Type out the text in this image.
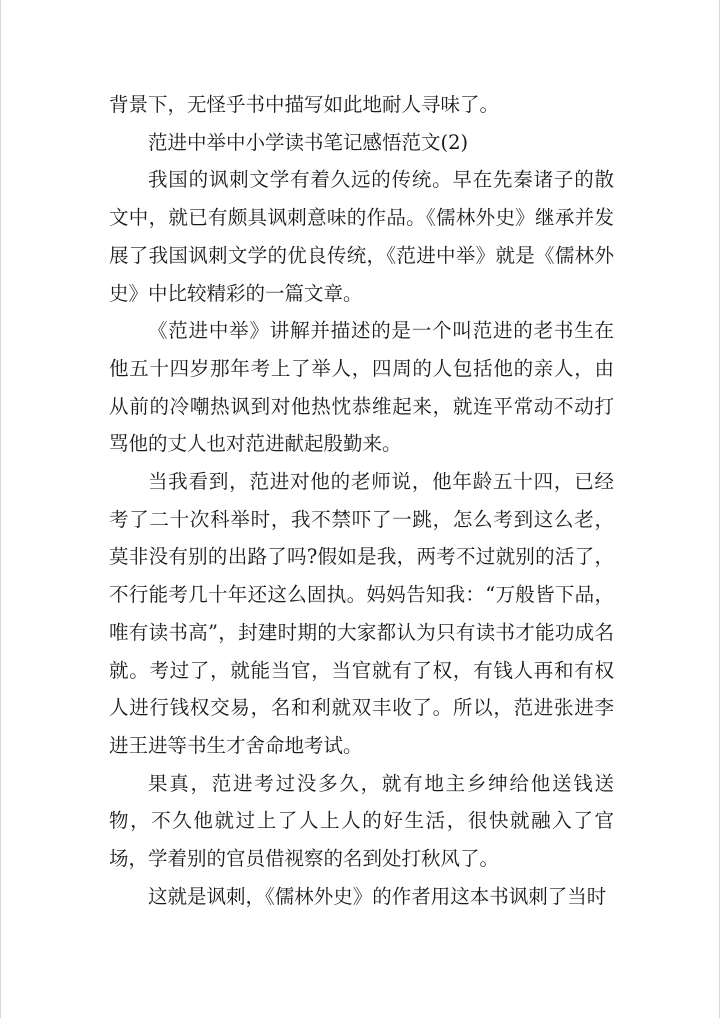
背景下，无怪乎书中描写如此地耐人寻味了。

范进中举中小学读书笔记感悟范文(2)

我国的讽刺文学有着久远的传统。早在先秦诸子的散文中，就已有颇具讽刺意味的作品。《儒林外史》继承并发展了我国讽刺文学的优良传统，《范进中举》就是《儒林外史》中比较精彩的一篇文章。

《范进中举》讲解并描述的是一个叫范进的老书生在他五十四岁那年考上了举人，四周的人包括他的亲人，由从前的冷嘲热讽到对他热忱恭维起来，就连平常动不动打骂他的丈人也对范进献起殷勤来。

当我看到，范进对他的老师说，他年龄五十四，已经考了二十次科举时，我不禁吓了一跳，怎么考到这么老，莫非没有别的出路了吗?假如是我，两考不过就别的活了，不行能考几十年还这么固执。妈妈告知我：“万般皆下品，唯有读书高”，封建时期的大家都认为只有读书才能功成名就。考过了，就能当官，当官就有了权，有钱人再和有权人进行钱权交易，名和利就双丰收了。所以，范进张进李进王进等书生才舍命地考试。

果真，范进考过没多久，就有地主乡绅给他送钱送物，不久他就过上了人上人的好生活，很快就融入了官场，学着别的官员借视察的名到处打秋风了。

这就是讽刺，《儒林外史》的作者用这本书讽刺了当时
